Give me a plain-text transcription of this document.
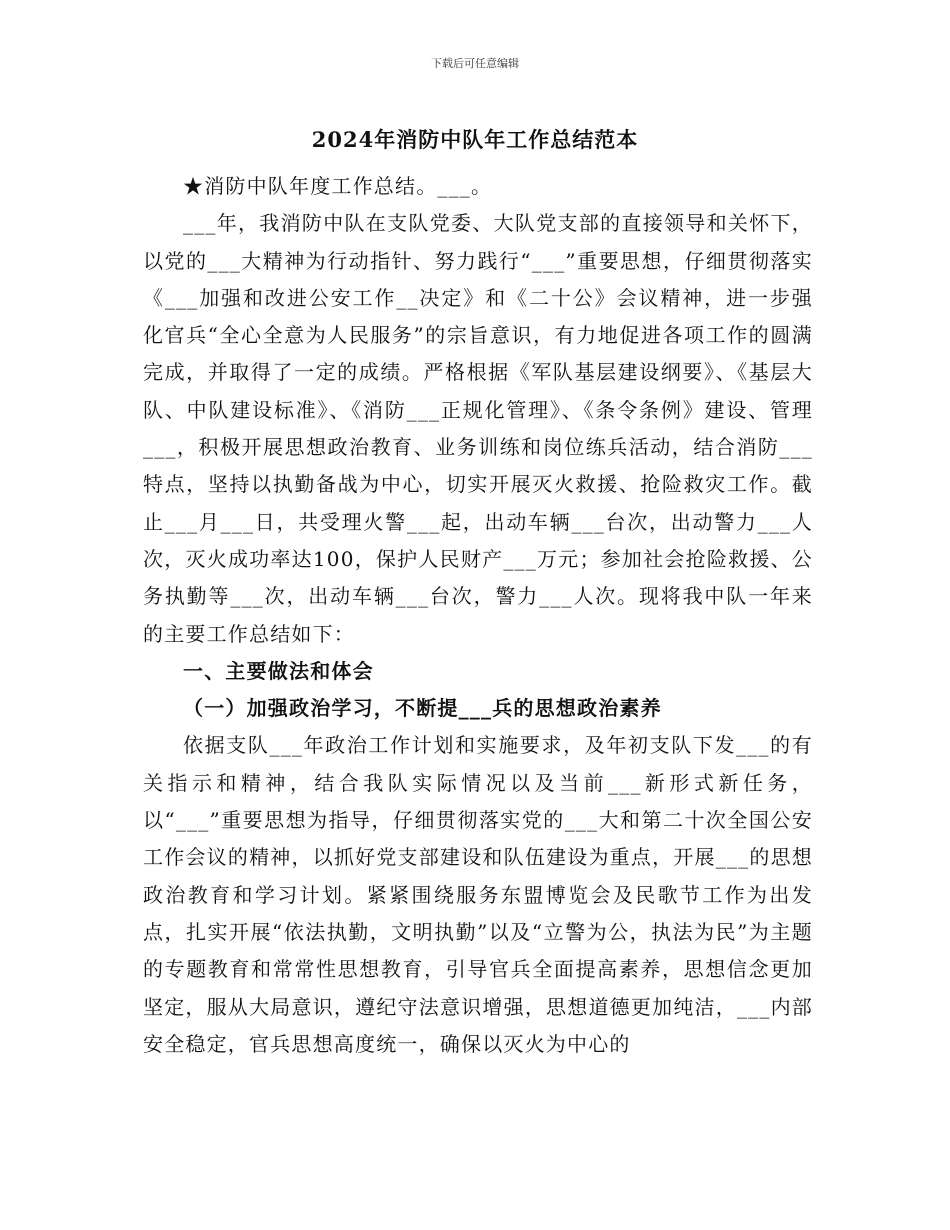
下载后可任意编辑
2024年消防中队年工作总结范本

★消防中队年度工作总结。___。

___年，我消防中队在支队党委、大队党支部的直接领导和关怀下，以党的___大精神为行动指针、努力践行“___”重要思想，仔细贯彻落实《___加强和改进公安工作__决定》和《二十公》会议精神，进一步强化官兵“全心全意为人民服务”的宗旨意识，有力地促进各项工作的圆满完成，并取得了一定的成绩。严格根据《军队基层建设纲要》、《基层大队、中队建设标准》、《消防___正规化管理》、《条令条例》建设、管理___，积极开展思想政治教育、业务训练和岗位练兵活动，结合消防___特点，坚持以执勤备战为中心，切实开展灭火救援、抢险救灾工作。截止___月___日，共受理火警___起，出动车辆___台次，出动警力___人次，灭火成功率达100，保护人民财产___万元；参加社会抢险救援、公务执勤等___次，出动车辆___台次，警力___人次。现将我中队一年来的主要工作总结如下：

一、主要做法和体会

（一）加强政治学习，不断提___兵的思想政治素养

依据支队___年政治工作计划和实施要求，及年初支队下发___的有关指示和精神，结合我队实际情况以及当前___新形式新任务，以“___”重要思想为指导，仔细贯彻落实党的___大和第二十次全国公安工作会议的精神，以抓好党支部建设和队伍建设为重点，开展___的思想政治教育和学习计划。紧紧围绕服务东盟博览会及民歌节工作为出发点，扎实开展“依法执勤，文明执勤”以及“立警为公，执法为民”为主题的专题教育和常常性思想教育，引导官兵全面提高素养，思想信念更加坚定，服从大局意识，遵纪守法意识增强，思想道德更加纯洁，___内部安全稳定，官兵思想高度统一，确保以灭火为中心的
